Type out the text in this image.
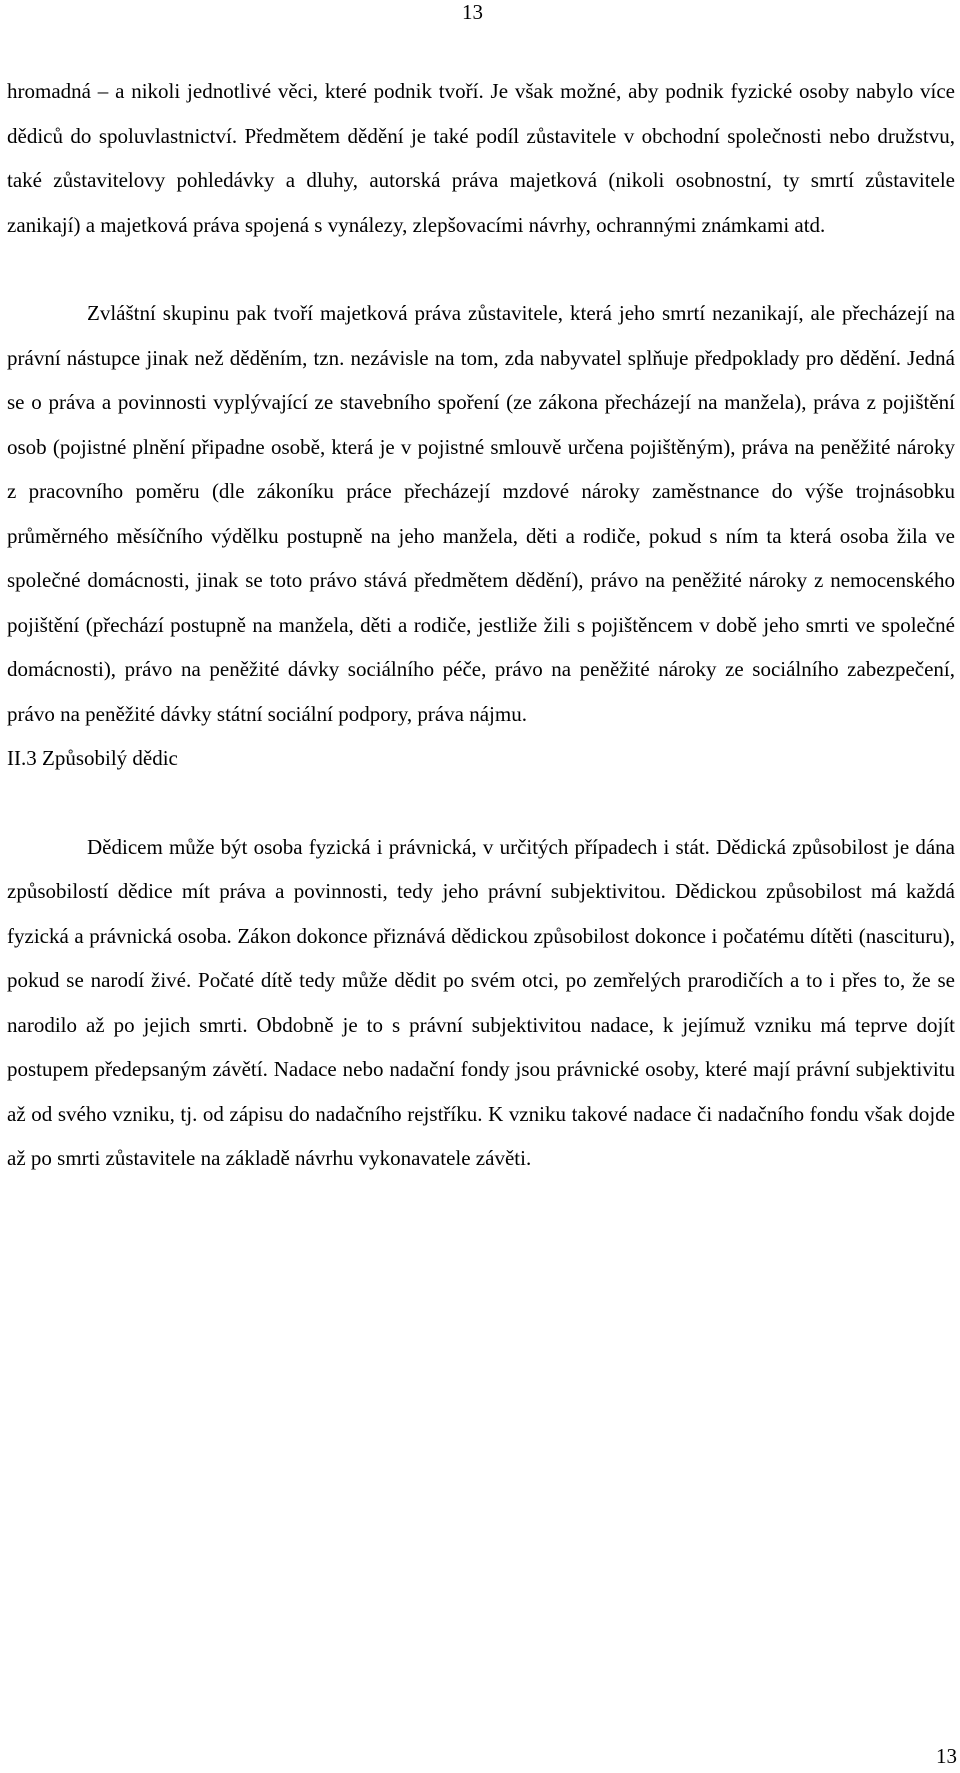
13

hromadná – a nikoli jednotlivé věci, které podnik tvoří. Je však možné, aby podnik fyzické osoby nabylo více dědiců do spoluvlastnictví. Předmětem dědění je také podíl zůstavitele v obchodní společnosti nebo družstvu, také zůstavitelovy pohledávky a dluhy, autorská práva majetková (nikoli osobnostní, ty smrtí zůstavitele zanikají) a majetková práva spojená s vynálezy, zlepšovacími návrhy, ochrannými známkami atd.

Zvláštní skupinu pak tvoří majetková práva zůstavitele, která jeho smrtí nezanikají, ale přecházejí na právní nástupce jinak než děděním, tzn. nezávisle na tom, zda nabyvatel splňuje předpoklady pro dědění. Jedná se o práva a povinnosti vyplývající ze stavebního spoření (ze zákona přecházejí na manžela), práva z pojištění osob (pojistné plnění připadne osobě, která je v pojistné smlouvě určena pojištěným), práva na peněžité nároky z pracovního poměru (dle zákoníku práce přecházejí mzdové nároky zaměstnance do výše trojnásobku průměrného měsíčního výdělku postupně na jeho manžela, děti a rodiče, pokud s ním ta která osoba žila ve společné domácnosti, jinak se toto právo stává předmětem dědění), právo na peněžité nároky z nemocenského pojištění (přechází postupně na manžela, děti a rodiče, jestliže žili s pojištěncem v době jeho smrti ve společné domácnosti), právo na peněžité dávky sociálního péče, právo na peněžité nároky ze sociálního zabezpečení, právo na peněžité dávky státní sociální podpory, práva nájmu.

II.3 Způsobilý dědic

Dědicem může být osoba fyzická i právnická, v určitých případech i stát. Dědická způsobilost je dána způsobilostí dědice mít práva a povinnosti, tedy jeho právní subjektivitou. Dědickou způsobilost má každá fyzická a právnická osoba. Zákon dokonce přiznává dědickou způsobilost dokonce i počatému dítěti (nascituru), pokud se narodí živé. Počaté dítě tedy může dědit po svém otci, po zemřelých prarodičích a to i přes to, že se narodilo až po jejich smrti. Obdobně je to s právní subjektivitou nadace, k jejímuž vzniku má teprve dojít postupem předepsaným závětí. Nadace nebo nadační fondy jsou právnické osoby, které mají právní subjektivitu až od svého vzniku, tj. od zápisu do nadačního rejstříku. K vzniku takové nadace či nadačního fondu však dojde až po smrti zůstavitele na základě návrhu vykonavatele závěti.

13
